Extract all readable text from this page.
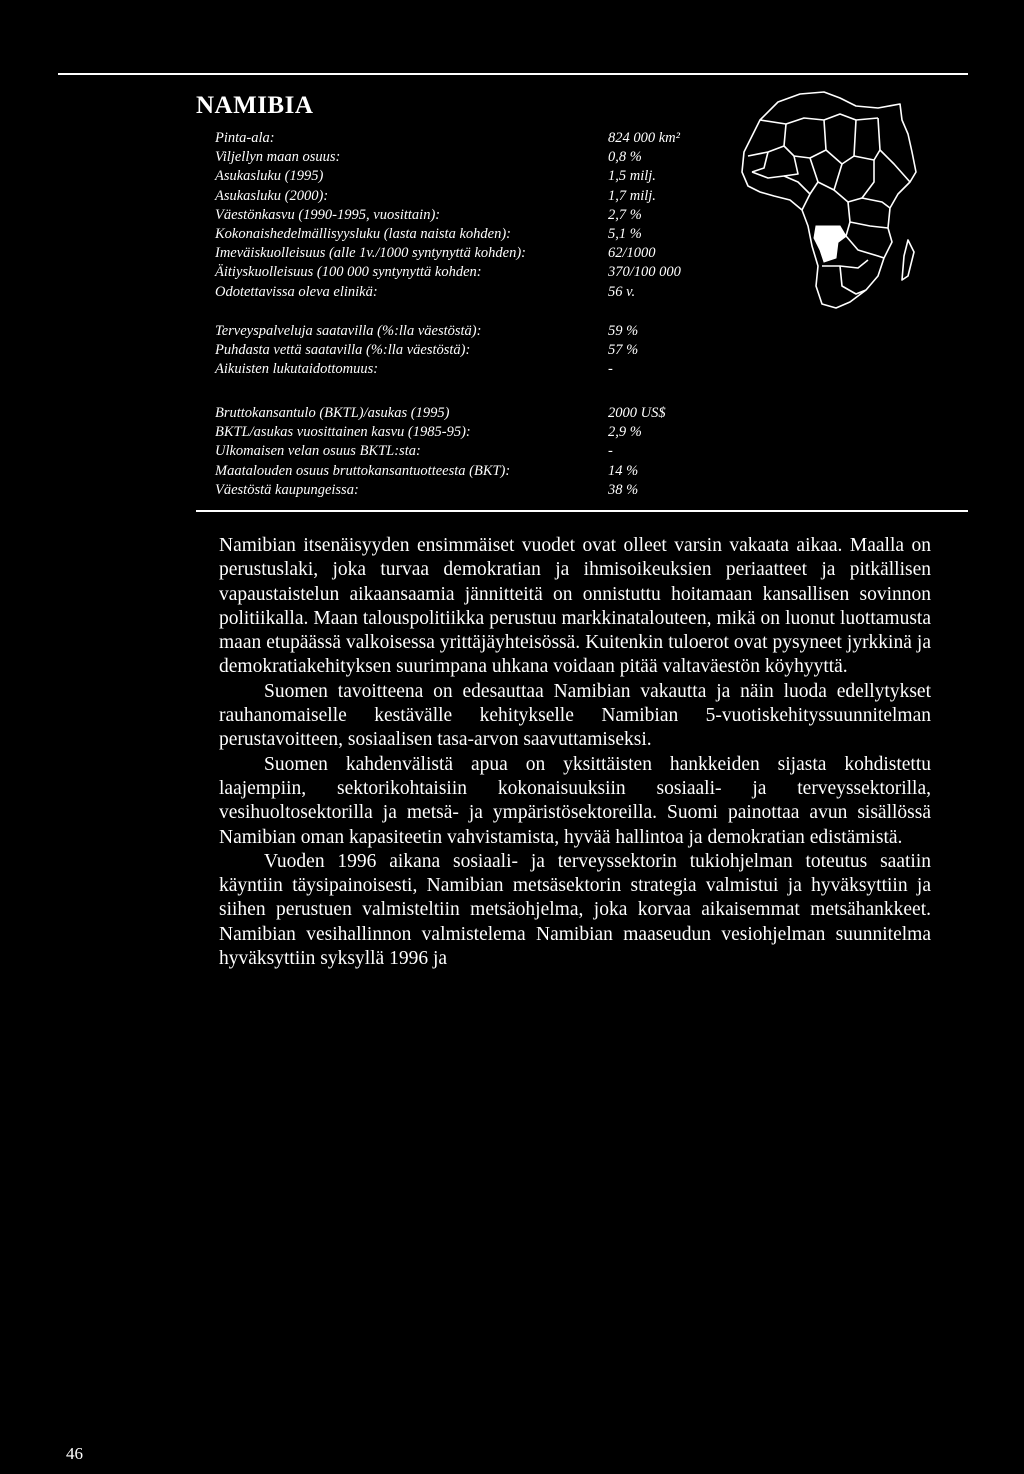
NAMIBIA
Pinta-ala:	824 000 km²
Viljellyn maan osuus:	0,8 %
Asukasluku (1995)	1,5 milj.
Asukasluku (2000):	1,7 milj.
Väestönkasvu (1990-1995, vuosittain):	2,7 %
Kokonaishedelmällisyysluku (lasta naista kohden):	5,1 %
Imeväiskuolleisuus (alle 1v./1000 syntynyttä kohden):	62/1000
Äitiyskuolleisuus (100 000 syntynyttä kohden:	370/100 000
Odotettavissa oleva elinikä:	56 v.
Terveyspalveluja saatavilla (%:lla väestöstä):	59 %
Puhdasta vettä saatavilla (%:lla väestöstä):	57 %
Aikuisten lukutaidottomuus:	-
Bruttokansantulo (BKTL)/asukas (1995)	2000 US$
BKTL/asukas vuosittainen kasvu (1985-95):	2,9 %
Ulkomaisen velan osuus BKTL:sta:	-
Maatalouden osuus bruttokansantuotteesta (BKT):	14 %
Väestöstä kaupungeissa:	38 %

Namibian itsenäisyyden ensimmäiset vuodet ovat olleet varsin vakaata aikaa. Maalla on perustuslaki, joka turvaa demokratian ja ihmisoikeuksien periaatteet ja pitkällisen vapaustaistelun aikaansaamia jännitteitä on onnistuttu hoitamaan kansallisen sovinnon politiikalla. Maan talouspolitiikka perustuu markkinatalouteen, mikä on luonut luottamusta maan etupäässä valkoisessa yrittäjäyhteisössä. Kuitenkin tuloerot ovat pysyneet jyrkkinä ja demokratiakehityksen suurimpana uhkana voidaan pitää valtaväestön köyhyyttä.

Suomen tavoitteena on edesauttaa Namibian vakautta ja näin luoda edellytykset rauhanomaiselle kestävälle kehitykselle Namibian 5-vuotiskehityssuunnitelman perustavoitteen, sosiaalisen tasa-arvon saavuttamiseksi.

Suomen kahdenvälistä apua on yksittäisten hankkeiden sijasta kohdistettu laajempiin, sektorikohtaisiin kokonaisuuksiin sosiaali- ja terveyssektorilla, vesihuoltosektorilla ja metsä- ja ympäristösektoreilla. Suomi painottaa avun sisällössä Namibian oman kapasiteetin vahvistamista, hyvää hallintoa ja demokratian edistämistä.

Vuoden 1996 aikana sosiaali- ja terveyssektorin tukiohjelman toteutus saatiin käyntiin täysipainoisesti, Namibian metsäsektorin strategia valmistui ja hyväksyttiin ja siihen perustuen valmisteltiin metsäohjelma, joka korvaa aikaisemmat metsähankkeet. Namibian vesihallinnon valmistelema Namibian maaseudun vesiohjelman suunnitelma hyväksyttiin syksyllä 1996 ja

46
